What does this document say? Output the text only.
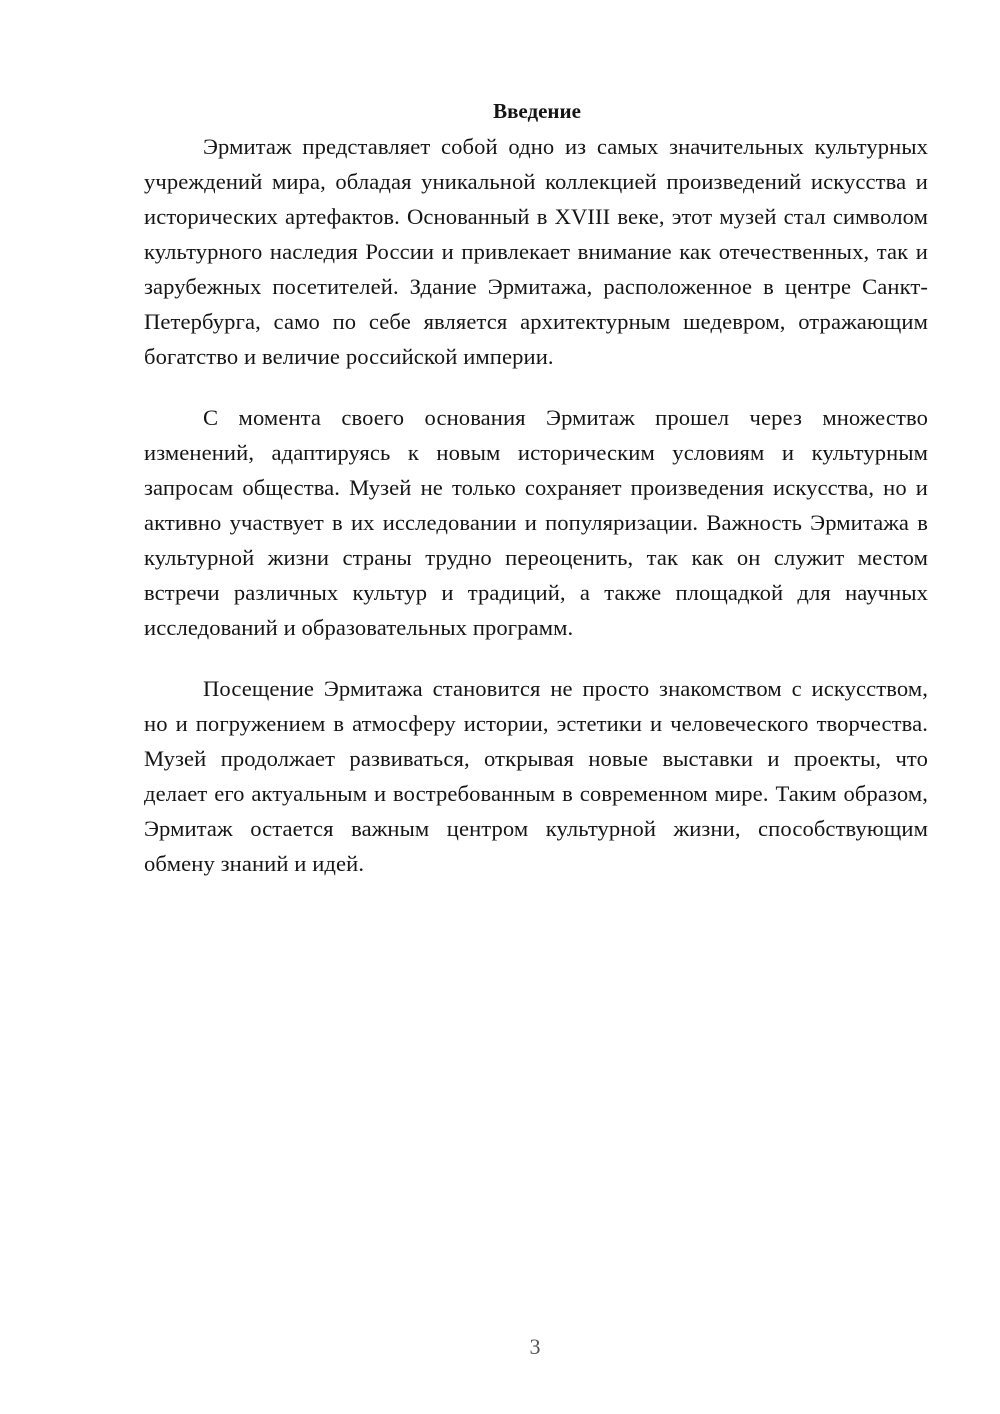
Введение

Эрмитаж представляет собой одно из самых значительных культурных учреждений мира, обладая уникальной коллекцией произведений искусства и исторических артефактов. Основанный в XVIII веке, этот музей стал символом культурного наследия России и привлекает внимание как отечественных, так и зарубежных посетителей. Здание Эрмитажа, расположенное в центре Санкт-Петербурга, само по себе является архитектурным шедевром, отражающим богатство и величие российской империи.

С момента своего основания Эрмитаж прошел через множество изменений, адаптируясь к новым историческим условиям и культурным запросам общества. Музей не только сохраняет произведения искусства, но и активно участвует в их исследовании и популяризации. Важность Эрмитажа в культурной жизни страны трудно переоценить, так как он служит местом встречи различных культур и традиций, а также площадкой для научных исследований и образовательных программ.

Посещение Эрмитажа становится не просто знакомством с искусством, но и погружением в атмосферу истории, эстетики и человеческого творчества. Музей продолжает развиваться, открывая новые выставки и проекты, что делает его актуальным и востребованным в современном мире. Таким образом, Эрмитаж остается важным центром культурной жизни, способствующим обмену знаний и идей.

3
